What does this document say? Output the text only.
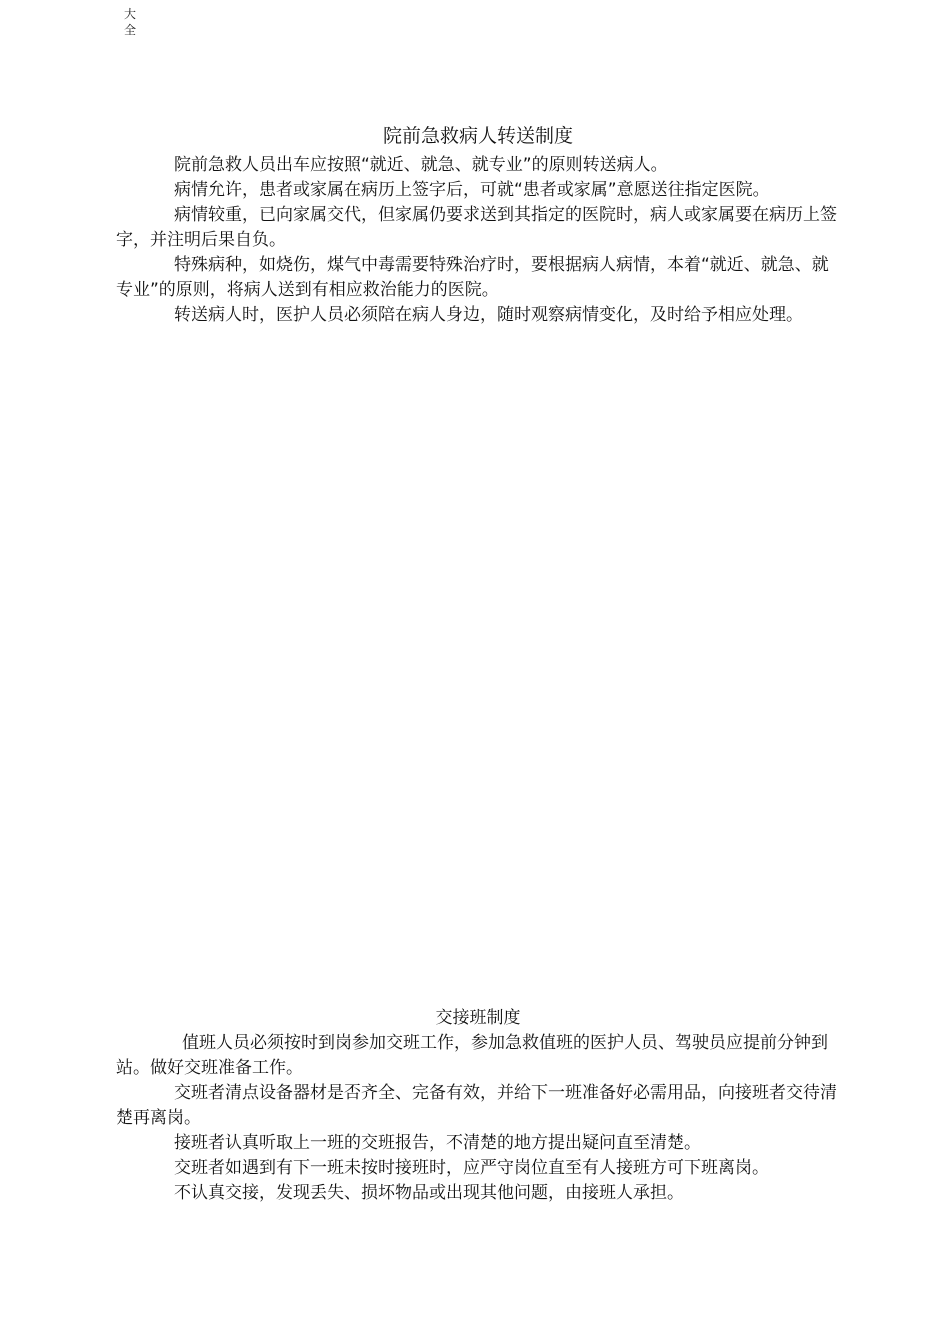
大
全
院前急救病人转送制度

院前急救人员出车应按照“就近、就急、就专业”的原则转送病人。

病情允许，患者或家属在病历上签字后，可就“患者或家属”意愿送往指定医院。

病情较重，已向家属交代，但家属仍要求送到其指定的医院时，病人或家属要在病历上签字，并注明后果自负。

特殊病种，如烧伤，煤气中毒需要特殊治疗时，要根据病人病情，本着“就近、就急、就专业”的原则，将病人送到有相应救治能力的医院。

转送病人时，医护人员必须陪在病人身边，随时观察病情变化，及时给予相应处理。

交接班制度

值班人员必须按时到岗参加交班工作，参加急救值班的医护人员、驾驶员应提前分钟到站。做好交班准备工作。

交班者清点设备器材是否齐全、完备有效，并给下一班准备好必需用品，向接班者交待清楚再离岗。

接班者认真听取上一班的交班报告，不清楚的地方提出疑问直至清楚。

交班者如遇到有下一班未按时接班时，应严守岗位直至有人接班方可下班离岗。

不认真交接，发现丢失、损坏物品或出现其他问题，由接班人承担。
